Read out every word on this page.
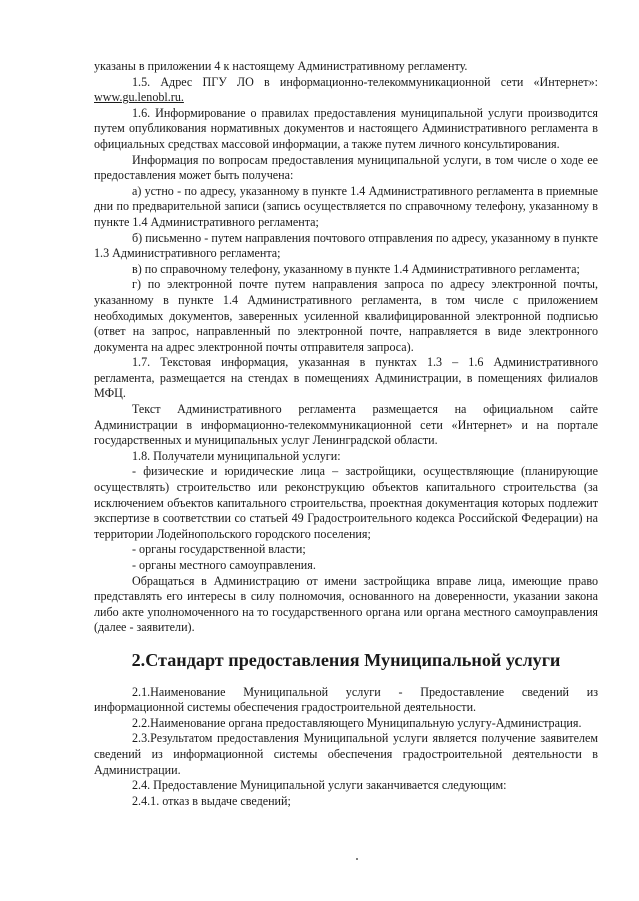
указаны в приложении 4 к настоящему Административному регламенту.

1.5. Адрес ПГУ ЛО в информационно-телекоммуникационной сети «Интернет»: www.gu.lenobl.ru.

1.6. Информирование о правилах предоставления муниципальной услуги производится путем опубликования нормативных документов и настоящего Административного регламента в официальных средствах массовой информации, а также путем личного консультирования.

Информация по вопросам предоставления муниципальной услуги, в том числе о ходе ее предоставления может быть получена:

а) устно - по адресу, указанному в пункте 1.4 Административного регламента в приемные дни по предварительной записи (запись осуществляется по справочному телефону, указанному в пункте 1.4 Административного регламента;

б) письменно - путем направления почтового отправления по адресу, указанному в пункте 1.3 Административного регламента;

в) по справочному телефону, указанному в пункте 1.4 Административного регламента;

г) по электронной почте путем направления запроса по адресу электронной почты, указанному в пункте 1.4 Административного регламента, в том числе с приложением необходимых документов, заверенных усиленной квалифицированной электронной подписью (ответ на запрос, направленный по электронной почте, направляется в виде электронного документа на адрес электронной почты отправителя запроса).

1.7. Текстовая информация, указанная в пунктах 1.3 – 1.6 Административного регламента, размещается на стендах в помещениях Администрации, в помещениях филиалов МФЦ.

Текст Административного регламента размещается на официальном сайте Администрации в информационно-телекоммуникационной сети «Интернет» и на портале государственных и муниципальных услуг Ленинградской области.

1.8. Получатели муниципальной услуги:

- физические и юридические лица – застройщики, осуществляющие (планирующие осуществлять) строительство или реконструкцию объектов капитального строительства (за исключением объектов капитального строительства, проектная документация которых подлежит экспертизе в соответствии со статьей 49 Градостроительного кодекса Российской Федерации) на территории Лодейнопольского городского поселения;

- органы государственной власти;

- органы местного самоуправления.

Обращаться в Администрацию от имени застройщика вправе лица, имеющие право представлять его интересы в силу полномочия, основанного на доверенности, указании закона либо акте уполномоченного на то государственного органа или органа местного самоуправления (далее - заявители).

2.Стандарт предоставления Муниципальной услуги

2.1.Наименование Муниципальной услуги - Предоставление сведений из информационной системы обеспечения градостроительной деятельности.

2.2.Наименование органа предоставляющего Муниципальную услугу-Администрация.

2.3.Результатом предоставления Муниципальной услуги является получение заявителем сведений из информационной системы обеспечения градостроительной деятельности в Администрации.

2.4. Предоставление Муниципальной услуги заканчивается следующим:

2.4.1. отказ в выдаче сведений;
